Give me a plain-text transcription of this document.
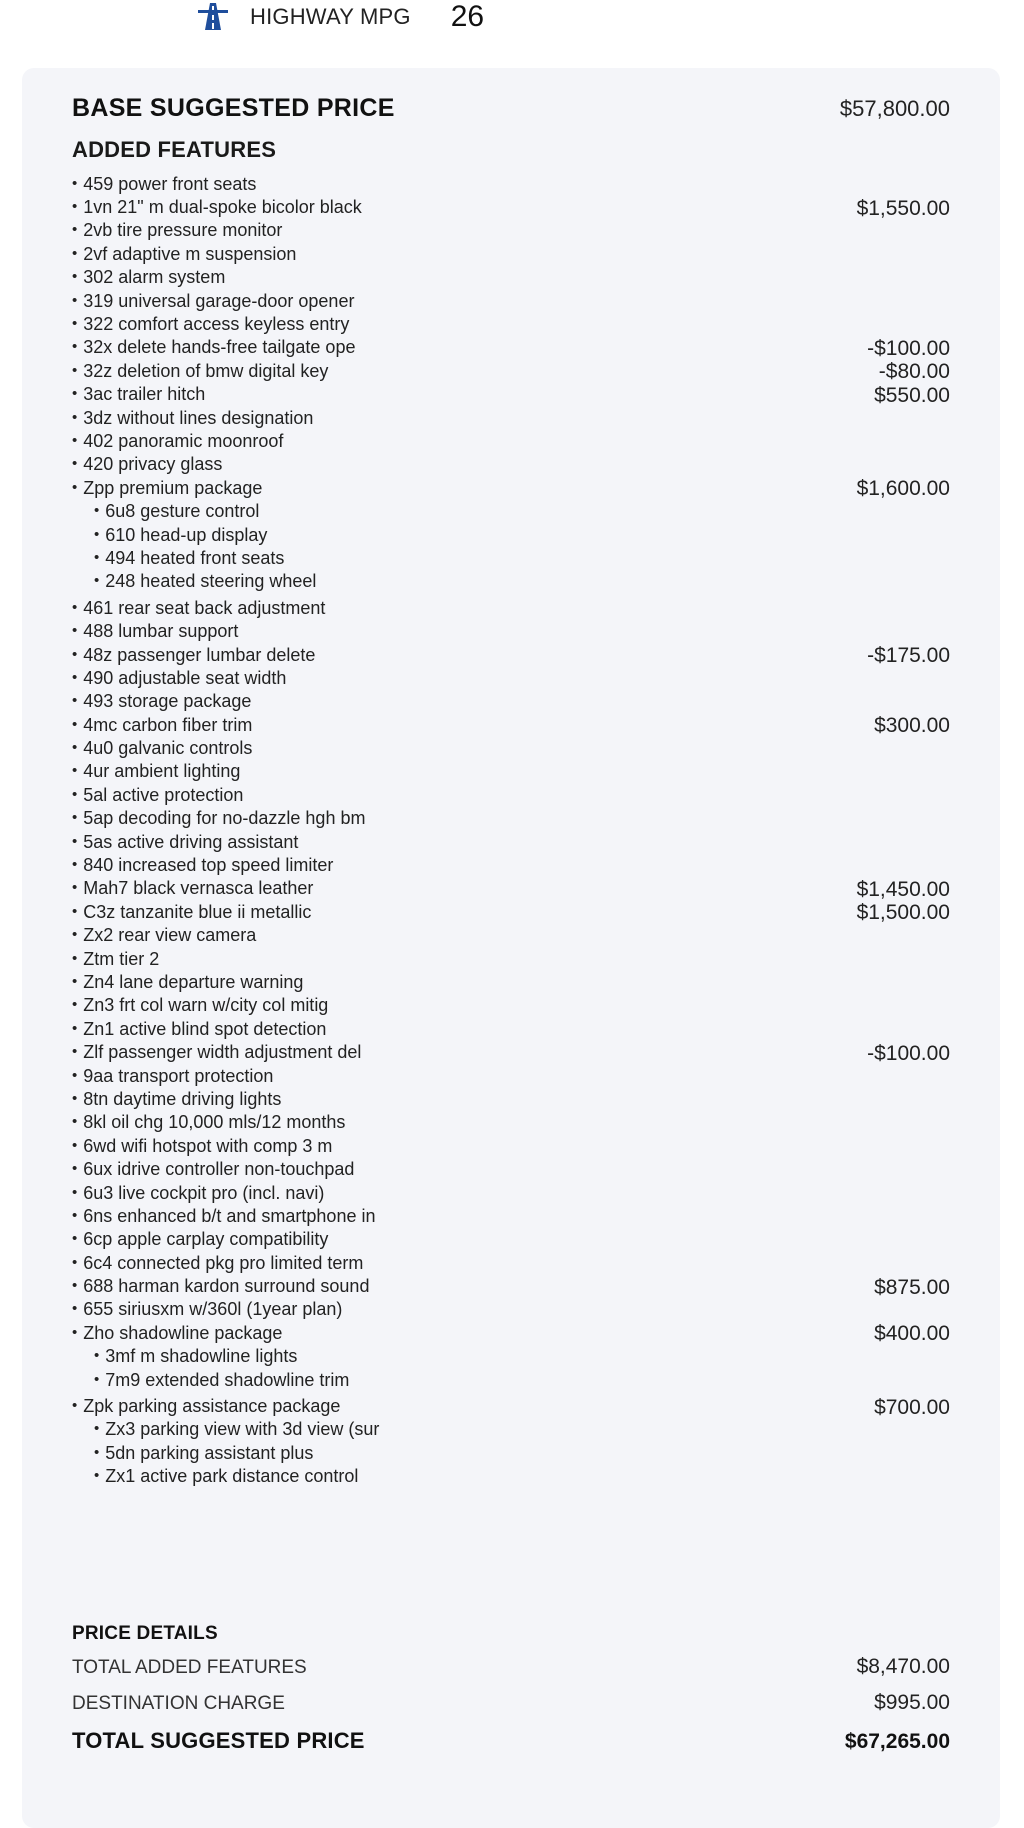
HIGHWAY MPG 26
BASE SUGGESTED PRICE	$57,800.00
ADDED FEATURES
• 459 power front seats
• 1vn 21" m dual-spoke bicolor black	$1,550.00
• 2vb tire pressure monitor
• 2vf adaptive m suspension
• 302 alarm system
• 319 universal garage-door opener
• 322 comfort access keyless entry
• 32x delete hands-free tailgate ope	-$100.00
• 32z deletion of bmw digital key	-$80.00
• 3ac trailer hitch	$550.00
• 3dz without lines designation
• 402 panoramic moonroof
• 420 privacy glass
• Zpp premium package	$1,600.00
• 6u8 gesture control
• 610 head-up display
• 494 heated front seats
• 248 heated steering wheel
• 461 rear seat back adjustment
• 488 lumbar support
• 48z passenger lumbar delete	-$175.00
• 490 adjustable seat width
• 493 storage package
• 4mc carbon fiber trim	$300.00
• 4u0 galvanic controls
• 4ur ambient lighting
• 5al active protection
• 5ap decoding for no-dazzle hgh bm
• 5as active driving assistant
• 840 increased top speed limiter
• Mah7 black vernasca leather	$1,450.00
• C3z tanzanite blue ii metallic	$1,500.00
• Zx2 rear view camera
• Ztm tier 2
• Zn4 lane departure warning
• Zn3 frt col warn w/city col mitig
• Zn1 active blind spot detection
• Zlf passenger width adjustment del	-$100.00
• 9aa transport protection
• 8tn daytime driving lights
• 8kl oil chg 10,000 mls/12 months
• 6wd wifi hotspot with comp 3 m
• 6ux idrive controller non-touchpad
• 6u3 live cockpit pro (incl. navi)
• 6ns enhanced b/t and smartphone in
• 6cp apple carplay compatibility
• 6c4 connected pkg pro limited term
• 688 harman kardon surround sound	$875.00
• 655 siriusxm w/360l (1year plan)
• Zho shadowline package	$400.00
• 3mf m shadowline lights
• 7m9 extended shadowline trim
• Zpk parking assistance package	$700.00
• Zx3 parking view with 3d view (sur
• 5dn parking assistant plus
• Zx1 active park distance control
PRICE DETAILS
TOTAL ADDED FEATURES	$8,470.00
DESTINATION CHARGE	$995.00
TOTAL SUGGESTED PRICE	$67,265.00
